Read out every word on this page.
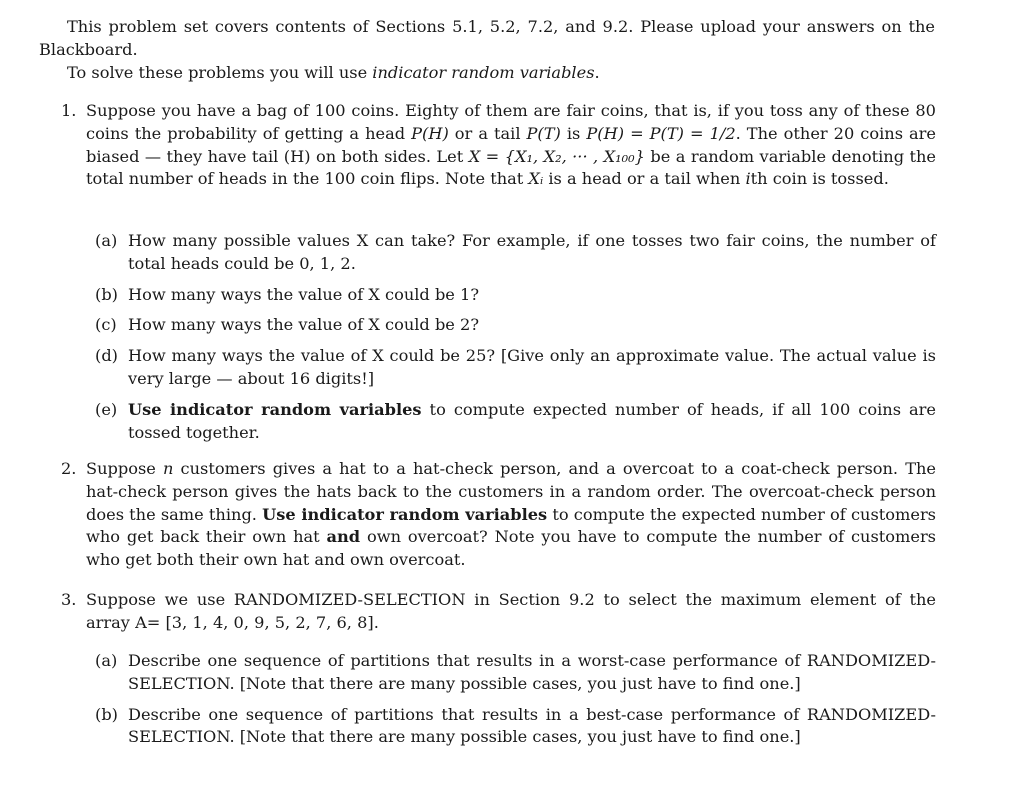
This problem set covers contents of Sections 5.1, 5.2, 7.2, and 9.2. Please upload your answers on the Blackboard.
To solve these problems you will use indicator random variables.
1. Suppose you have a bag of 100 coins. Eighty of them are fair coins, that is, if you toss any of these 80 coins the probability of getting a head P(H) or a tail P(T) is P(H) = P(T) = 1/2. The other 20 coins are biased — they have tail (H) on both sides. Let X = {X₁, X₂, ··· , X₁₀₀} be a random variable denoting the total number of heads in the 100 coin flips. Note that Xᵢ is a head or a tail when ith coin is tossed.
(a) How many possible values X can take? For example, if one tosses two fair coins, the number of total heads could be 0, 1, 2.
(b) How many ways the value of X could be 1?
(c) How many ways the value of X could be 2?
(d) How many ways the value of X could be 25? [Give only an approximate value. The actual value is very large — about 16 digits!]
(e) Use indicator random variables to compute expected number of heads, if all 100 coins are tossed together.
2. Suppose n customers gives a hat to a hat-check person, and a overcoat to a coat-check person. The hat-check person gives the hats back to the customers in a random order. The overcoat-check person does the same thing. Use indicator random variables to compute the expected number of customers who get back their own hat and own overcoat? Note you have to compute the number of customers who get both their own hat and own overcoat.
3. Suppose we use RANDOMIZED-SELECTION in Section 9.2 to select the maximum element of the array A= [3, 1, 4, 0, 9, 5, 2, 7, 6, 8].
(a) Describe one sequence of partitions that results in a worst-case performance of RANDOMIZED-SELECTION. [Note that there are many possible cases, you just have to find one.]
(b) Describe one sequence of partitions that results in a best-case performance of RANDOMIZED-SELECTION. [Note that there are many possible cases, you just have to find one.]
